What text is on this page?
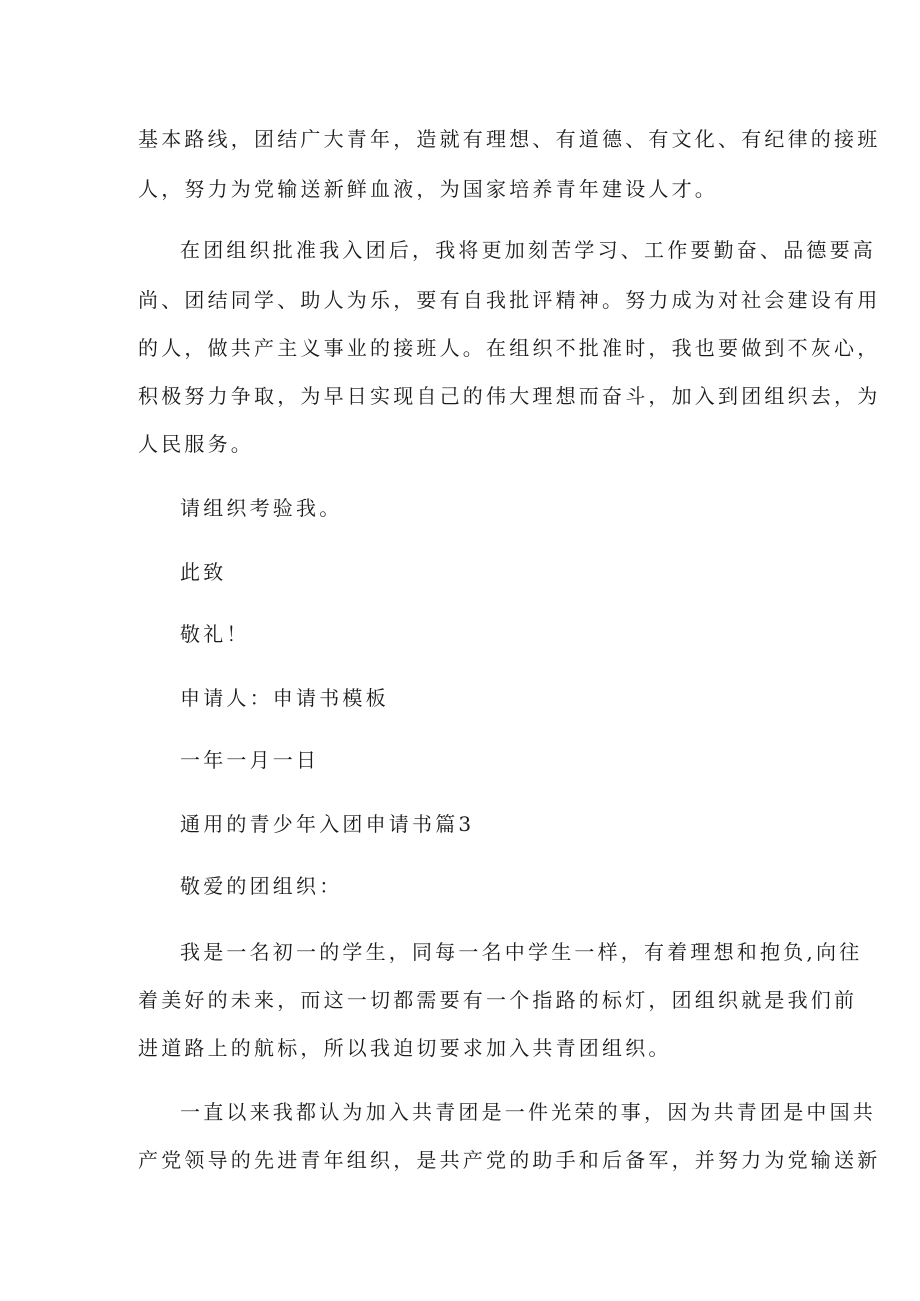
基本路线，团结广大青年，造就有理想、有道德、有文化、有纪律的接班

人，努力为党输送新鲜血液，为国家培养青年建设人才。

在团组织批准我入团后，我将更加刻苦学习、工作要勤奋、品德要高

尚、团结同学、助人为乐，要有自我批评精神。努力成为对社会建设有用

的人，做共产主义事业的接班人。在组织不批准时，我也要做到不灰心，

积极努力争取，为早日实现自己的伟大理想而奋斗，加入到团组织去，为

人民服务。

请组织考验我。

此致

敬礼！

申请人：申请书模板

一年一月一日

通用的青少年入团申请书篇3

敬爱的团组织：

我是一名初一的学生，同每一名中学生一样，有着理想和抱负,向往

着美好的未来，而这一切都需要有一个指路的标灯，团组织就是我们前

进道路上的航标，所以我迫切要求加入共青团组织。

一直以来我都认为加入共青团是一件光荣的事，因为共青团是中国共

产党领导的先进青年组织，是共产党的助手和后备军，并努力为党输送新
